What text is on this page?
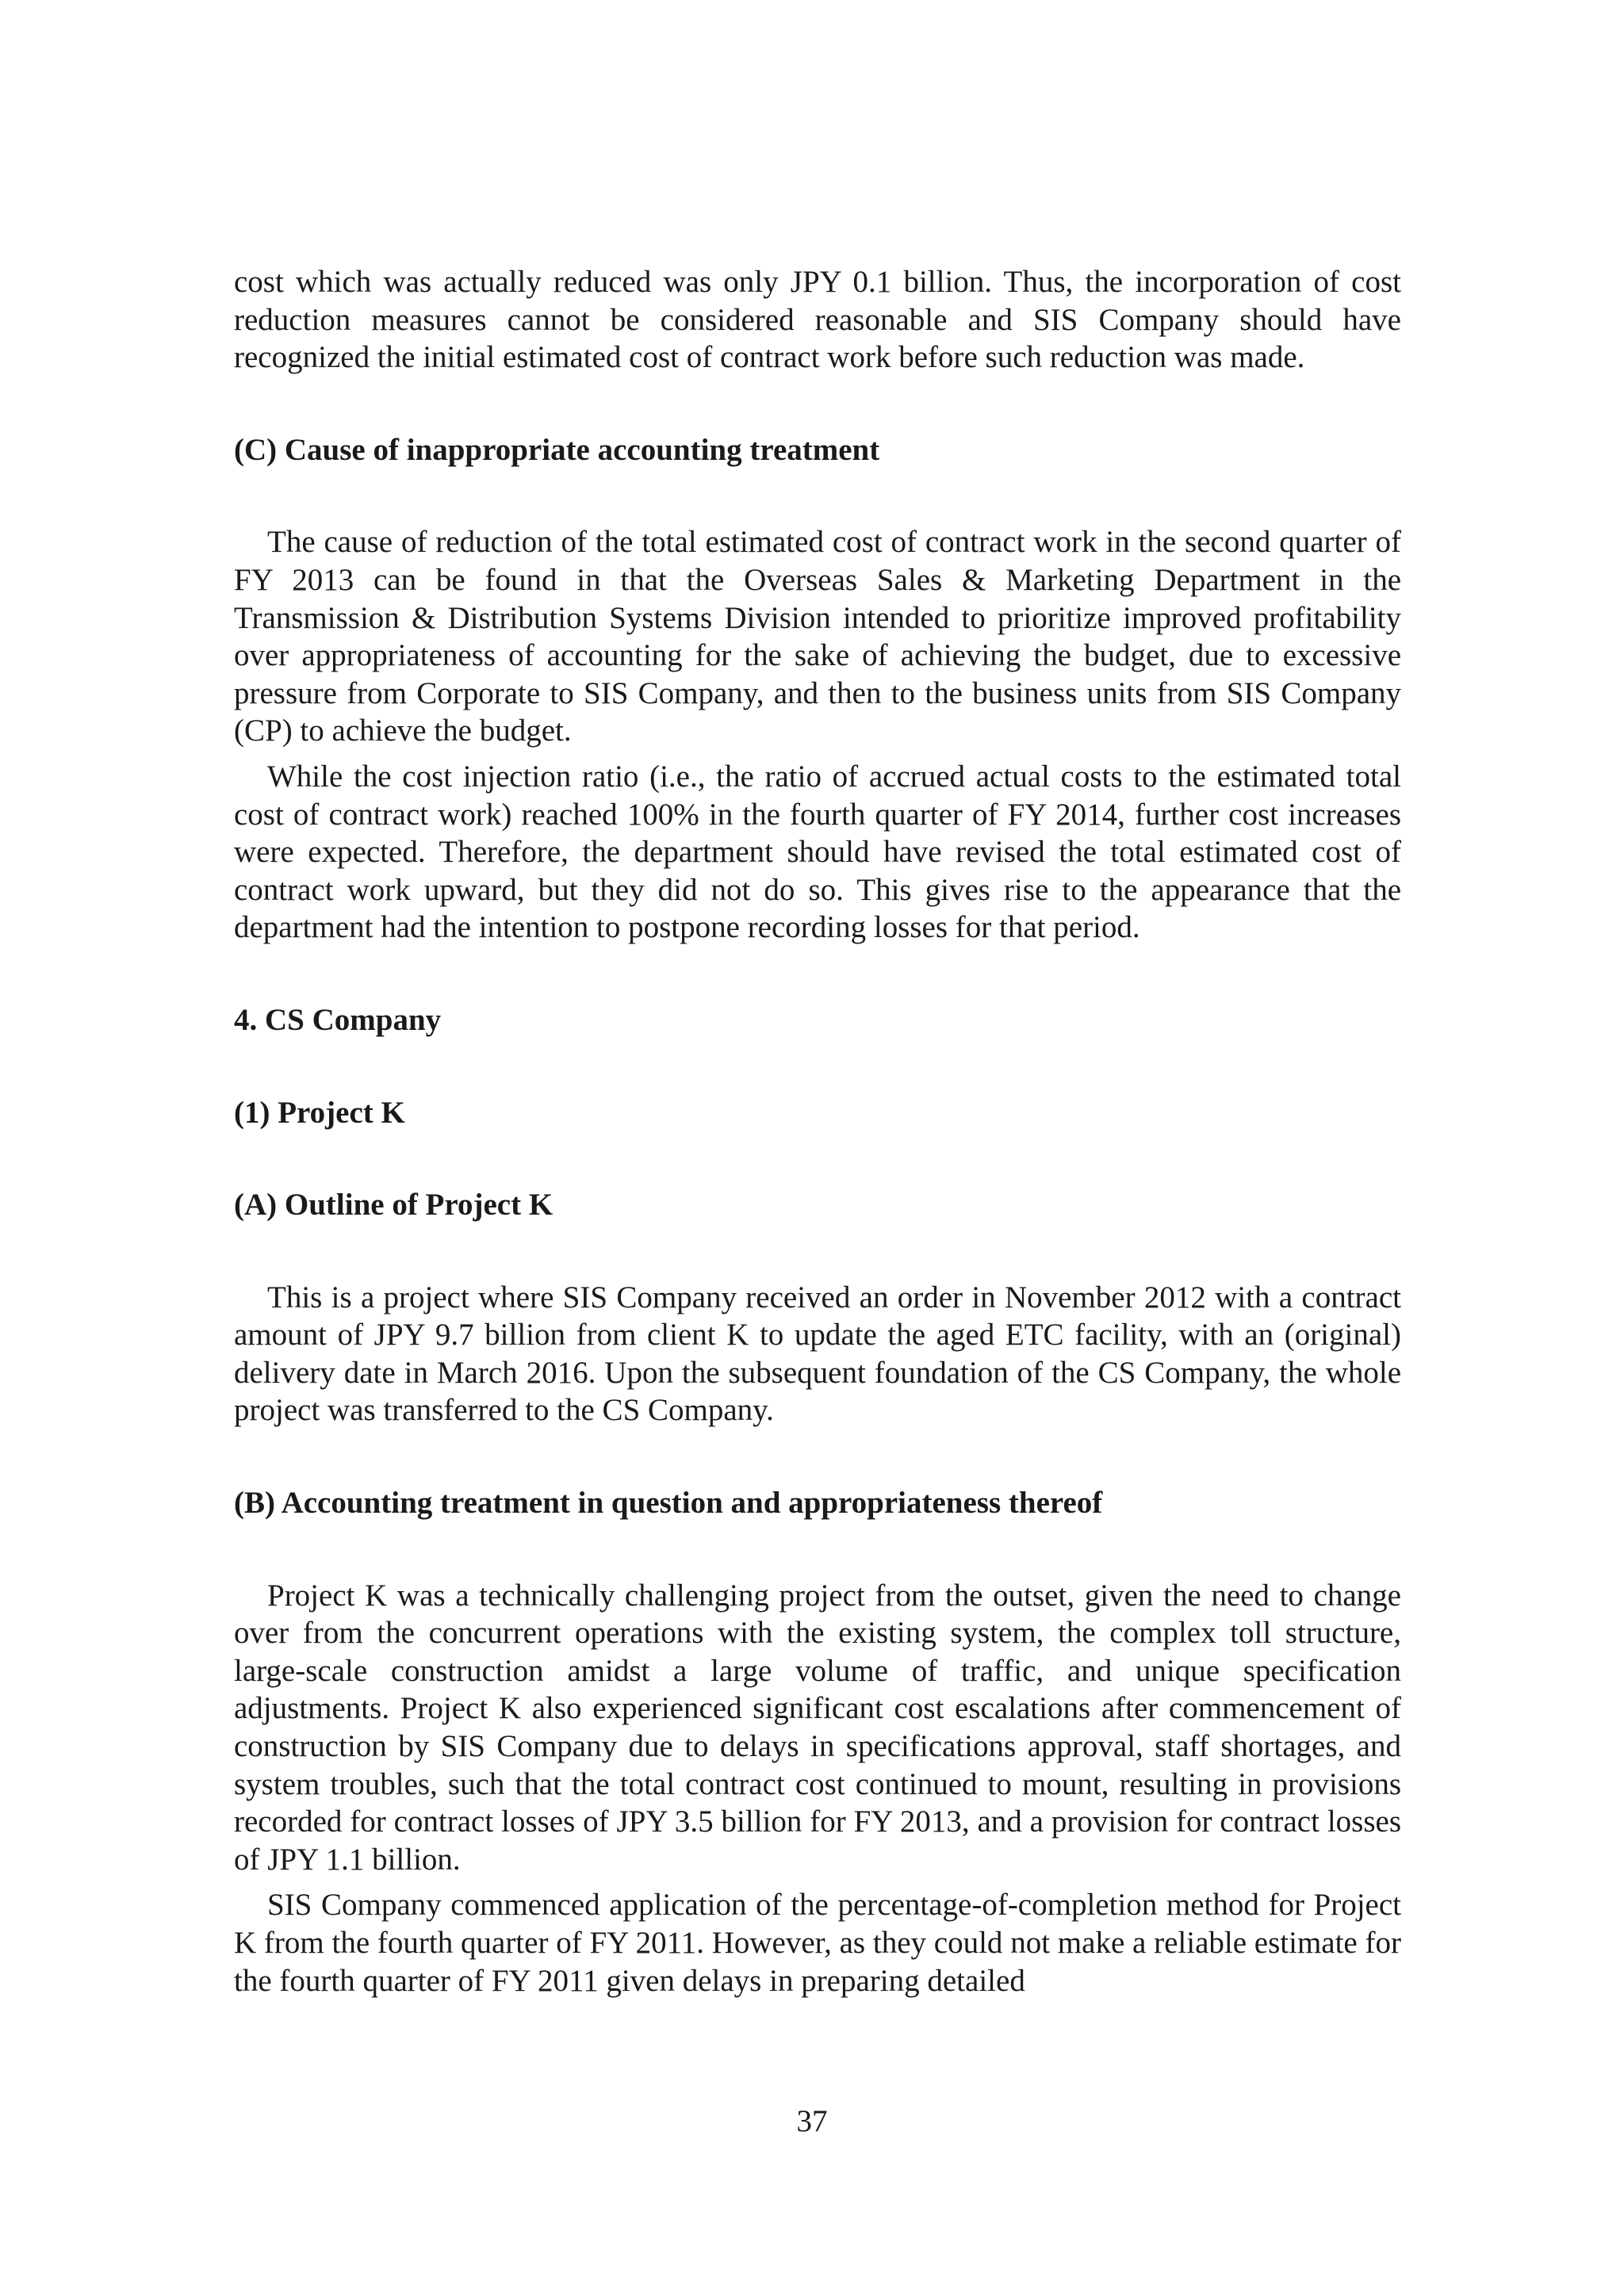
cost which was actually reduced was only JPY 0.1 billion. Thus, the incorporation of cost reduction measures cannot be considered reasonable and SIS Company should have recognized the initial estimated cost of contract work before such reduction was made.

(C) Cause of inappropriate accounting treatment

The cause of reduction of the total estimated cost of contract work in the second quarter of FY 2013 can be found in that the Overseas Sales & Marketing Department in the Transmission & Distribution Systems Division intended to prioritize improved profitability over appropriateness of accounting for the sake of achieving the budget, due to excessive pressure from Corporate to SIS Company, and then to the business units from SIS Company (CP) to achieve the budget.

While the cost injection ratio (i.e., the ratio of accrued actual costs to the estimated total cost of contract work) reached 100% in the fourth quarter of FY 2014, further cost increases were expected. Therefore, the department should have revised the total estimated cost of contract work upward, but they did not do so. This gives rise to the appearance that the department had the intention to postpone recording losses for that period.

4. CS Company

(1) Project K

(A) Outline of Project K

This is a project where SIS Company received an order in November 2012 with a contract amount of JPY 9.7 billion from client K to update the aged ETC facility, with an (original) delivery date in March 2016. Upon the subsequent foundation of the CS Company, the whole project was transferred to the CS Company.

(B) Accounting treatment in question and appropriateness thereof

Project K was a technically challenging project from the outset, given the need to change over from the concurrent operations with the existing system, the complex toll structure, large-scale construction amidst a large volume of traffic, and unique specification adjustments. Project K also experienced significant cost escalations after commencement of construction by SIS Company due to delays in specifications approval, staff shortages, and system troubles, such that the total contract cost continued to mount, resulting in provisions recorded for contract losses of JPY 3.5 billion for FY 2013, and a provision for contract losses of JPY 1.1 billion.

SIS Company commenced application of the percentage-of-completion method for Project K from the fourth quarter of FY 2011. However, as they could not make a reliable estimate for the fourth quarter of FY 2011 given delays in preparing detailed

37
